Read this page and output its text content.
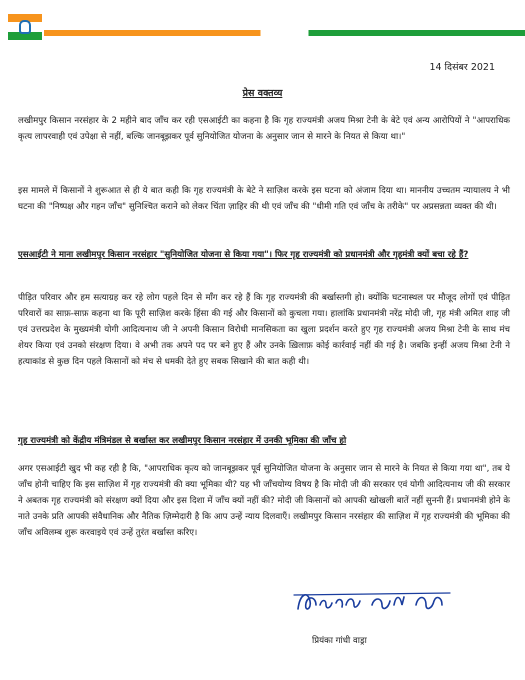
14 दिसंबर 2021
प्रेस वक्तव्य

लखीमपुर किसान नरसंहार के 2 महीने बाद जाँच कर रही एसआईटी का कहना है कि गृह राज्यमंत्री अजय मिश्रा टेनी के बेटे एवं अन्य आरोपियों ने "आपराधिक कृत्य लापरवाही एवं उपेक्षा से नहीं, बल्कि जानबूझकर पूर्व सुनियोजित योजना के अनुसार जान से मारने के नियत से किया था।"

इस मामले में किसानों ने शुरूआत से ही ये बात कही कि गृह राज्यमंत्री के बेटे ने साज़िश करके इस घटना को अंजाम दिया था। माननीय उच्चतम न्यायालय ने भी घटना की "निष्पक्ष और गहन जाँच" सुनिश्चित कराने को लेकर चिंता ज़ाहिर की थी एवं जाँच की "धीमी गति एवं जाँच के तरीके" पर अप्रसन्नता व्यक्त की थी।

एसआईटी ने माना लखीमपुर किसान नरसंहार "सुनियोजित योजना से किया गया"। फिर गृह राज्यमंत्री को प्रधानमंत्री और गृहमंत्री क्यों बचा रहे हैं?

पीड़ित परिवार और हम सत्याग्रह कर रहे लोग पहले दिन से माँग कर रहे हैं कि गृह राज्यमंत्री की बर्खास्तगी हो। क्योंकि घटनास्थल पर मौजूद लोगों एवं पीड़ित परिवारों का साफ़-साफ़ कहना था कि पूरी साज़िश करके हिंसा की गई और किसानों को कुचला गया। हालांकि प्रधानमंत्री नरेंद्र मोदी जी, गृह मंत्री अमित शाह जी एवं उत्तरप्रदेश के मुख्यमंत्री योगी आदित्यनाथ जी ने अपनी किसान विरोधी मानसिकता का खुला प्रदर्शन करते हुए गृह राज्यमंत्री अजय मिश्रा टेनी के साथ मंच शेयर किया एवं उनको संरक्षण दिया। वे अभी तक अपने पद पर बने हुए हैं और उनके ख़िलाफ़ कोई कार्रवाई नहीं की गई है। जबकि इन्हीं अजय मिश्रा टेनी ने हत्याकांड से कुछ दिन पहले किसानों को मंच से धमकी देते हुए सबक सिखाने की बात कही थी।

गृह राज्यमंत्री को केंद्रीय मंत्रिमंडल से बर्खास्त कर लखीमपुर किसान नरसंहार में उनकी भूमिका की जाँच हो

अगर एसआईटी खुद भी कह रही है कि, "आपराधिक कृत्य को जानबूझकर पूर्व सुनियोजित योजना के अनुसार जान से मारने के नियत से किया गया था", तब ये जाँच होनी चाहिए कि इस साज़िश में गृह राज्यमंत्री की क्या भूमिका थी? यह भी जाँचयोग्य विषय है कि मोदी जी की सरकार एवं योगी आदित्यनाथ जी की सरकार ने अबतक गृह राज्यमंत्री को संरक्षण क्यों दिया और इस दिशा में जाँच क्यों नहीं की? मोदी जी किसानों को आपकी खोखली बातें नहीं सुननी हैं। प्रधानमंत्री होने के नाते उनके प्रति आपकी संवैधानिक और नैतिक ज़िम्मेदारी है कि आप उन्हें न्याय दिलवाएँ। लखीमपुर किसान नरसंहार की साज़िश में गृह राज्यमंत्री की भूमिका की जाँच अविलम्ब शुरू करवाइये एवं उन्हें तुरंत बर्खास्त करिए।

प्रियंका गांधी वाड्रा
